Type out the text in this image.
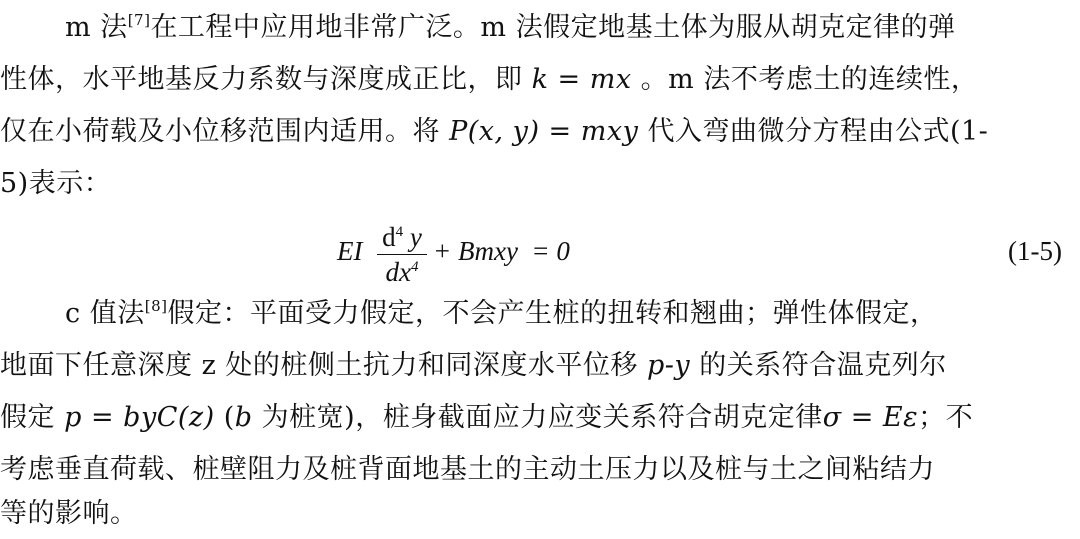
m 法[7]在工程中应用地非常广泛。m 法假定地基土体为服从胡克定律的弹
性体，水平地基反力系数与深度成正比，即 k = mx 。m 法不考虑土的连续性，
仅在小荷载及小位移范围内适用。将 P(x, y) = mxy 代入弯曲微分方程由公式(1-
5)表示：
EI $d^4$ y
$dx^4$
+ Bmxy  = 0	(1-5)
c 值法[8]假定：平面受力假定，不会产生桩的扭转和翘曲；弹性体假定，
地面下任意深度 z 处的桩侧土抗力和同深度水平位移 p-y 的关系符合温克列尔
假定 p = byC(z) (b 为桩宽)，桩身截面应力应变关系符合胡克定律σ = Eε；不
考虑垂直荷载、桩壁阻力及桩背面地基土的主动土压力以及桩与土之间粘结力
等的影响。
